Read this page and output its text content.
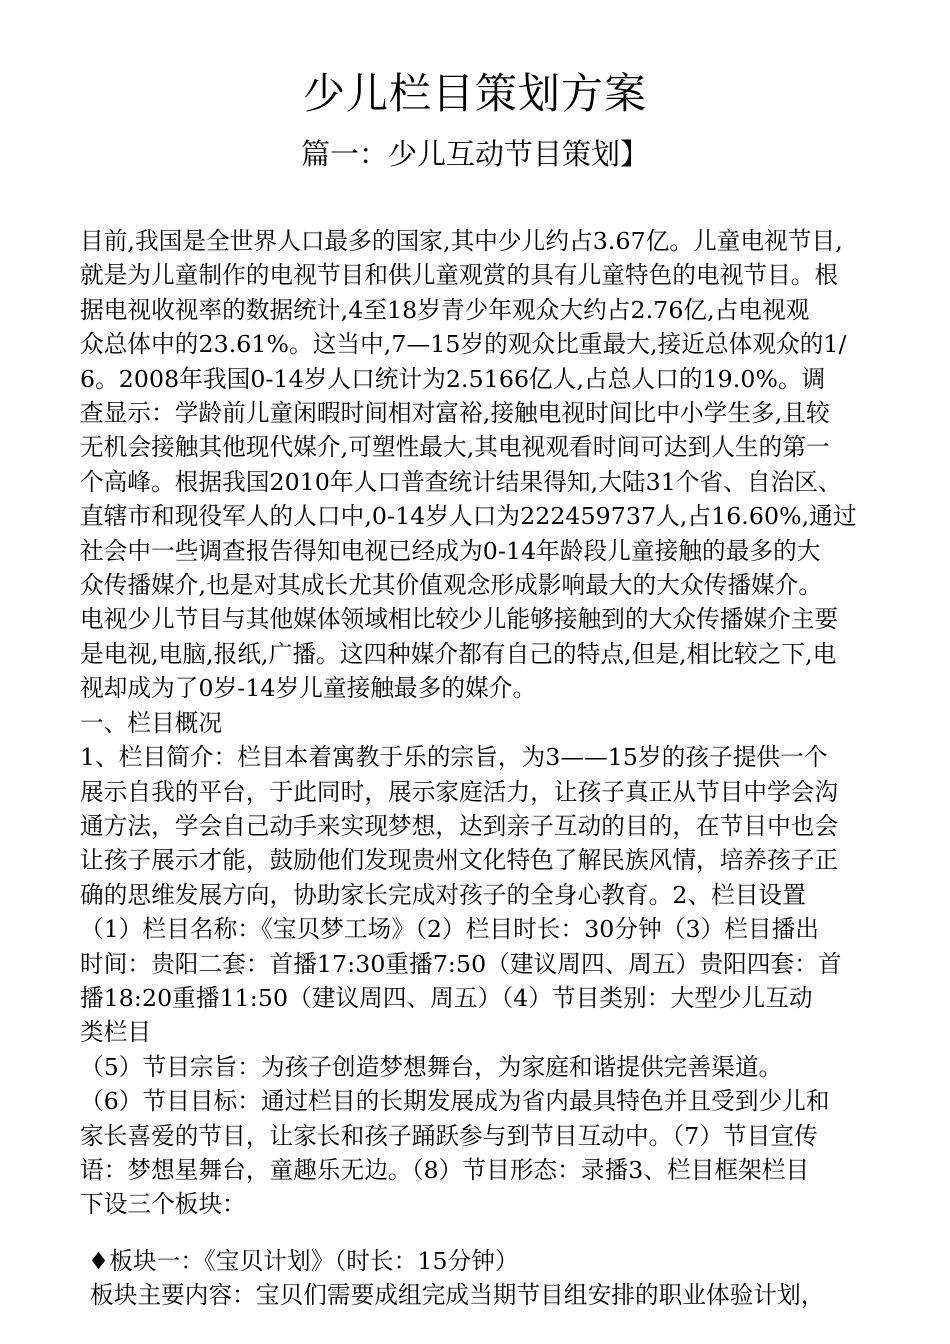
少儿栏目策划方案
篇一：少儿互动节目策划】

目前,我国是全世界人口最多的国家,其中少儿约占3.67亿。儿童电视节目,

就是为儿童制作的电视节目和供儿童观赏的具有儿童特色的电视节目。根

据电视收视率的数据统计,4至18岁青少年观众大约占2.76亿,占电视观

众总体中的23.61%。这当中,7—15岁的观众比重最大,接近总体观众的1/

6。2008年我国0-14岁人口统计为2.5166亿人,占总人口的19.0%。调

查显示：学龄前儿童闲暇时间相对富裕,接触电视时间比中小学生多,且较

无机会接触其他现代媒介,可塑性最大,其电视观看时间可达到人生的第一

个高峰。根据我国2010年人口普查统计结果得知,大陆31个省、自治区、

直辖市和现役军人的人口中,0-14岁人口为222459737人,占16.60%,通过

社会中一些调查报告得知电视已经成为0-14年龄段儿童接触的最多的大

众传播媒介,也是对其成长尤其价值观念形成影响最大的大众传播媒介。

电视少儿节目与其他媒体领域相比较少儿能够接触到的大众传播媒介主要

是电视,电脑,报纸,广播。这四种媒介都有自己的特点,但是,相比较之下,电

视却成为了0岁-14岁儿童接触最多的媒介。

一、栏目概况

1、栏目简介：栏目本着寓教于乐的宗旨，为3——15岁的孩子提供一个

展示自我的平台，于此同时，展示家庭活力，让孩子真正从节目中学会沟

通方法，学会自己动手来实现梦想，达到亲子互动的目的，在节目中也会

让孩子展示才能，鼓励他们发现贵州文化特色了解民族风情，培养孩子正

确的思维发展方向，协助家长完成对孩子的全身心教育。2、栏目设置

（1）栏目名称：《宝贝梦工场》（2）栏目时长：30分钟（3）栏目播出

时间：贵阳二套：首播17:30重播7:50（建议周四、周五）贵阳四套：首

播18:20重播11:50（建议周四、周五）（4）节目类别：大型少儿互动

类栏目

（5）节目宗旨：为孩子创造梦想舞台，为家庭和谐提供完善渠道。

（6）节目目标：通过栏目的长期发展成为省内最具特色并且受到少儿和

家长喜爱的节目，让家长和孩子踊跃参与到节目互动中。（7）节目宣传

语：梦想星舞台，童趣乐无边。（8）节目形态：录播3、栏目框架栏目

下设三个板块：

♦板块一：《宝贝计划》（时长：15分钟）

板块主要内容：宝贝们需要成组完成当期节目组安排的职业体验计划，
